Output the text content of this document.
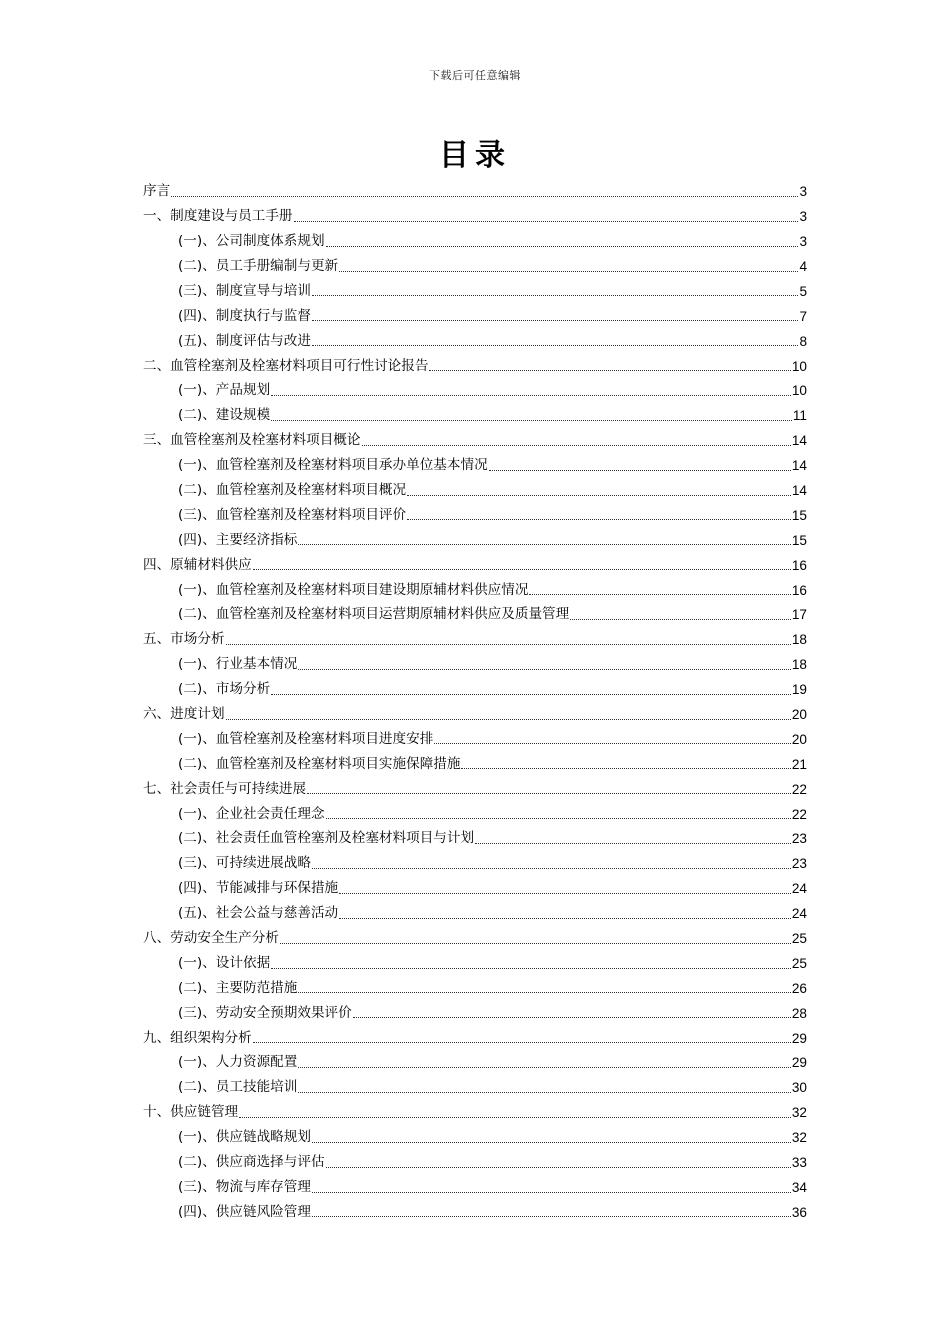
下载后可任意编辑
目录
序言	3
一、制度建设与员工手册	3
(一)、公司制度体系规划	3
(二)、员工手册编制与更新	4
(三)、制度宣导与培训	5
(四)、制度执行与监督	7
(五)、制度评估与改进	8
二、血管栓塞剂及栓塞材料项目可行性讨论报告	10
(一)、产品规划	10
(二)、建设规模	11
三、血管栓塞剂及栓塞材料项目概论	14
(一)、血管栓塞剂及栓塞材料项目承办单位基本情况	14
(二)、血管栓塞剂及栓塞材料项目概况	14
(三)、血管栓塞剂及栓塞材料项目评价	15
(四)、主要经济指标	15
四、原辅材料供应	16
(一)、血管栓塞剂及栓塞材料项目建设期原辅材料供应情况	16
(二)、血管栓塞剂及栓塞材料项目运营期原辅材料供应及质量管理	17
五、市场分析	18
(一)、行业基本情况	18
(二)、市场分析	19
六、进度计划	20
(一)、血管栓塞剂及栓塞材料项目进度安排	20
(二)、血管栓塞剂及栓塞材料项目实施保障措施	21
七、社会责任与可持续进展	22
(一)、企业社会责任理念	22
(二)、社会责任血管栓塞剂及栓塞材料项目与计划	23
(三)、可持续进展战略	23
(四)、节能减排与环保措施	24
(五)、社会公益与慈善活动	24
八、劳动安全生产分析	25
(一)、设计依据	25
(二)、主要防范措施	26
(三)、劳动安全预期效果评价	28
九、组织架构分析	29
(一)、人力资源配置	29
(二)、员工技能培训	30
十、供应链管理	32
(一)、供应链战略规划	32
(二)、供应商选择与评估	33
(三)、物流与库存管理	34
(四)、供应链风险管理	36
